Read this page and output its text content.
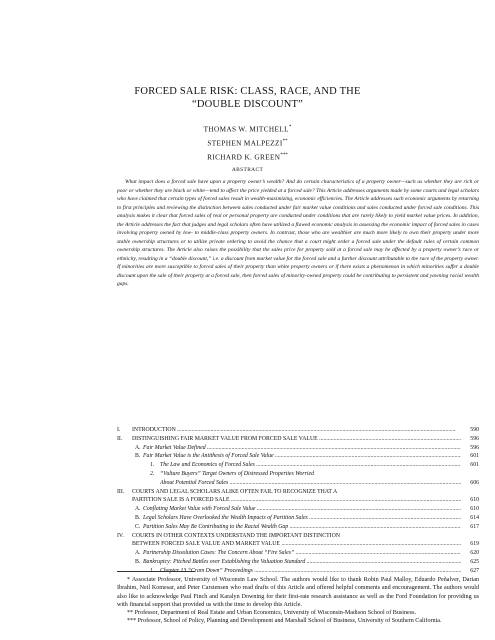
FORCED SALE RISK: CLASS, RACE, AND THE
“DOUBLE DISCOUNT”
THOMAS W. MITCHELL*
STEPHEN MALPEZZI**
RICHARD K. GREEN***
ABSTRACT

What impact does a forced sale have upon a property owner’s wealth? And do certain characteristics of a property owner—such as whether they are rich or poor or whether they are black or white—tend to affect the price yielded at a forced sale? This Article addresses arguments made by some courts and legal scholars who have claimed that certain types of forced sales result in wealth-maximizing, economic efficiencies. The Article addresses such economic arguments by returning to first principles and reviewing the distinction between sales conducted under fair market value conditions and sales conducted under forced sale conditions. This analysis makes it clear that forced sales of real or personal property are conducted under conditions that are rarely likely to yield market value prices. In addition, the Article addresses the fact that judges and legal scholars often have utilized a flawed economic analysis in assessing the economic impact of forced sales in cases involving property owned by low- to middle-class property owners. In contrast, those who are wealthier are much more likely to own their property under more stable ownership structures or to utilize private ordering to avoid the chance that a court might order a forced sale under the default rules of certain common ownership structures. The Article also raises the possibility that the sales price for property sold at a forced sale may be affected by a property owner’s race or ethnicity, resulting in a “double discount,” i.e. a discount from market value for the forced sale and a further discount attributable to the race of the property owner. If minorities are more susceptible to forced sales of their property than white property owners or if there exists a phenomenon in which minorities suffer a double discount upon the sale of their property at a forced sale, then forced sales of minority-owned property could be contributing to persistent and yawning racial wealth gaps.

I. INTRODUCTION .....	590
II. DISTINGUISHING FAIR MARKET VALUE FROM FORCED SALE VALUE .....	596
A. Fair Market Value Defined .....	596
B. Fair Market Value is the Antithesis of Forced Sale Value .....	601
1. The Law and Economics of Forced Sales .....	601
2. “Vulture Buyers” Target Owners of Distressed Properties Worried
About Potential Forced Sales .....	606
III. COURTS AND LEGAL SCHOLARS ALIKE OFTEN FAIL TO RECOGNIZE THAT A
PARTITION SALE IS A FORCED SALE .....	610
A. Conflating Market Value with Forced Sale Value .....	610
B. Legal Scholars Have Overlooked the Wealth Impacts of Partition Sales .....	614
C. Partition Sales May Be Contributing to the Racial Wealth Gap .....	617
IV. COURTS IN OTHER CONTEXTS UNDERSTAND THE IMPORTANT DISTINCTION
BETWEEN FORCED SALE VALUE AND MARKET VALUE .....	619
A. Partnership Dissolution Cases: The Concern About “Fire Sales” .....	620
B. Bankruptcy: Pitched Battles over Establishing the Valuation Standard .....	625
1. Chapter 13 “Cram Down” Proceedings .....	627

* Associate Professor, University of Wisconsin Law School. The authors would like to thank Robin Paul Malloy, Eduardo Peñalver, Darian Ibrahim, Neil Komesar, and Peter Carstensen who read drafts of this Article and offered helpful comments and encouragement. The authors would also like to acknowledge Paul Finch and Karalyn Downing for their first-rate research assistance as well as the Ford Foundation for providing us with financial support that provided us with the time to develop this Article.

** Professor, Department of Real Estate and Urban Economics, University of Wisconsin-Madison School of Business.

*** Professor, School of Policy, Planning and Development and Marshall School of Business, University of Southern California.
